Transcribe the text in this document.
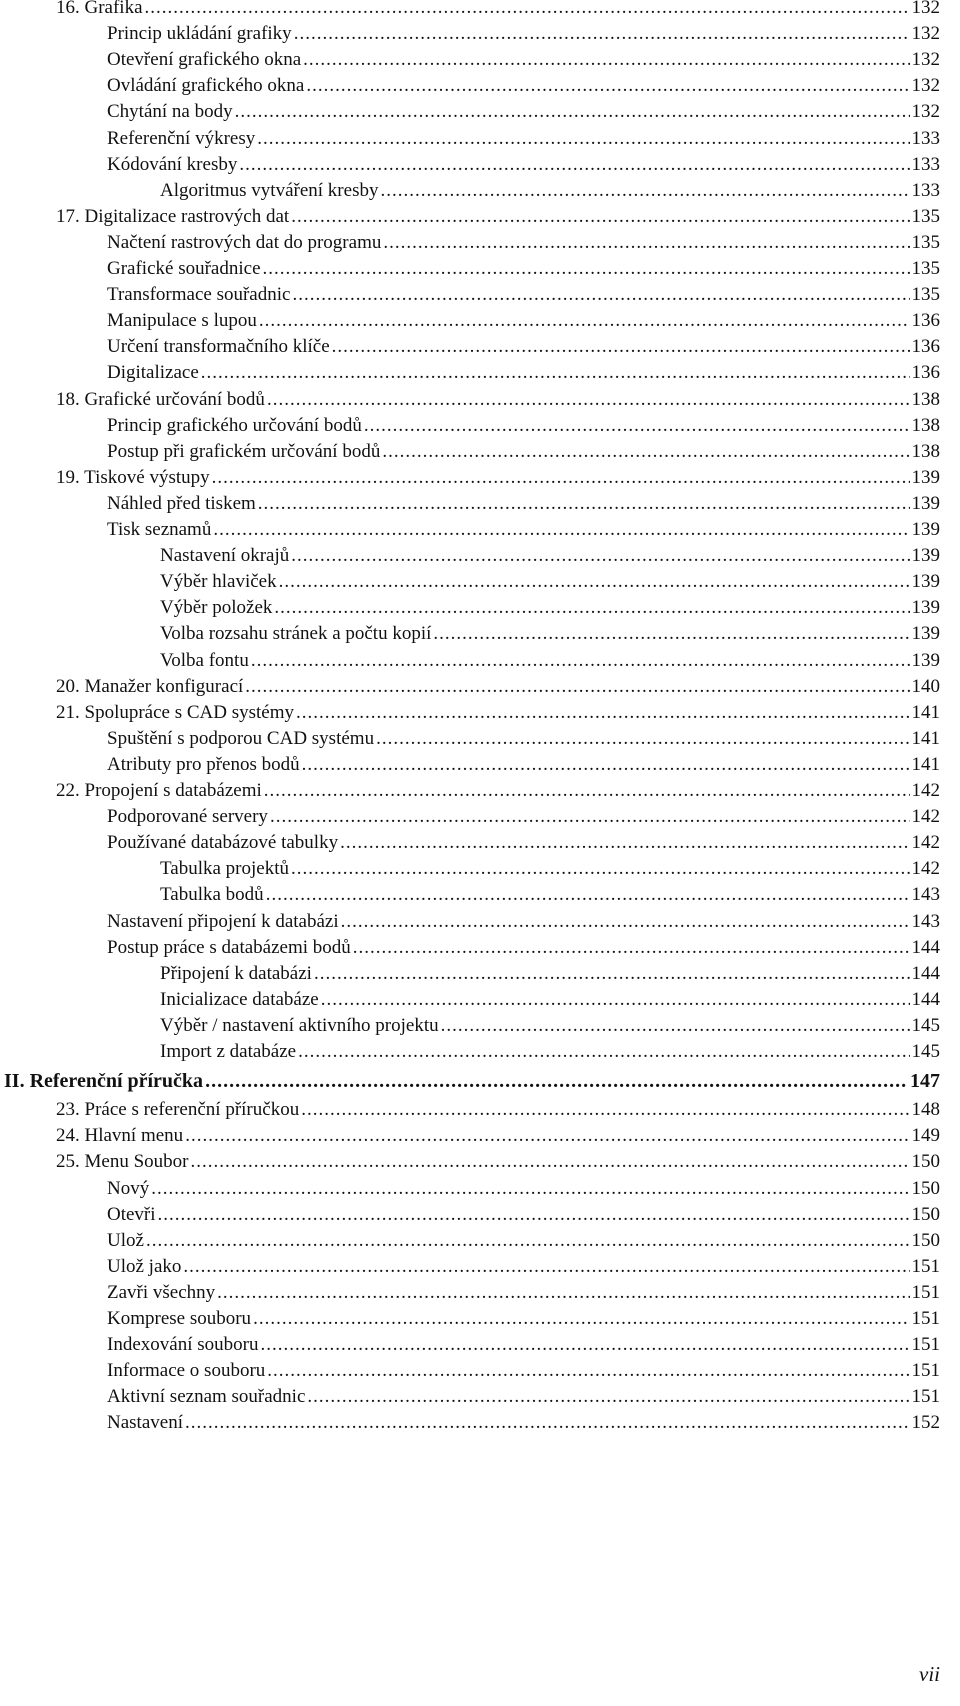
16. Grafika .....	132
Princip ukládání grafiky .....	132
Otevření grafického okna .....	132
Ovládání grafického okna .....	132
Chytání na body .....	132
Referenční výkresy .....	133
Kódování kresby .....	133
Algoritmus vytváření kresby .....	133
17. Digitalizace rastrových dat .....	135
Načtení rastrových dat do programu .....	135
Grafické souřadnice .....	135
Transformace souřadnic .....	135
Manipulace s lupou .....	136
Určení transformačního klíče .....	136
Digitalizace .....	136
18. Grafické určování bodů .....	138
Princip grafického určování bodů .....	138
Postup při grafickém určování bodů .....	138
19. Tiskové výstupy .....	139
Náhled před tiskem .....	139
Tisk seznamů .....	139
Nastavení okrajů .....	139
Výběr hlaviček .....	139
Výběr položek .....	139
Volba rozsahu stránek a počtu kopií .....	139
Volba fontu .....	139
20. Manažer konfigurací .....	140
21. Spolupráce s CAD systémy .....	141
Spuštění s podporou CAD systému .....	141
Atributy pro přenos bodů .....	141
22. Propojení s databázemi .....	142
Podporované servery .....	142
Používané databázové tabulky .....	142
Tabulka projektů .....	142
Tabulka bodů .....	143
Nastavení připojení k databázi .....	143
Postup práce s databázemi bodů .....	144
Připojení k databázi .....	144
Inicializace databáze .....	144
Výběr / nastavení aktivního projektu .....	145
Import z databáze .....	145
II. Referenční příručka .....	147
23. Práce s referenční příručkou .....	148
24. Hlavní menu .....	149
25. Menu Soubor .....	150
Nový .....	150
Otevři .....	150
Ulož .....	150
Ulož jako .....	151
Zavři všechny .....	151
Komprese souboru .....	151
Indexování souboru .....	151
Informace o souboru .....	151
Aktivní seznam souřadnic .....	151
Nastavení .....	152
vii
